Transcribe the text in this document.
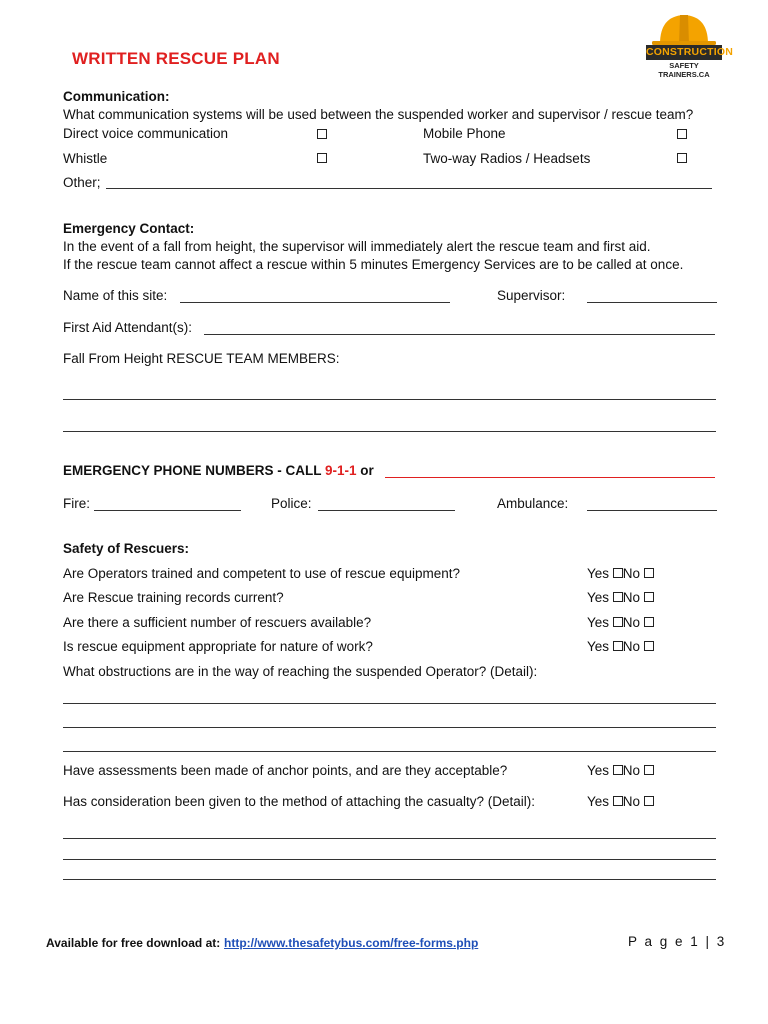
WRITTEN RESCUE PLAN	CONSTRUCTION
SAFETY TRAINERS.CA
Communication:
What communication systems will be used between the suspended worker and supervisor / rescue team?
Direct voice communication	Mobile Phone
Whistle	Two-way Radios / Headsets
Other;
Emergency Contact:
In the event of a fall from height, the supervisor will immediately alert the rescue team and first aid.
If the rescue team cannot affect a rescue within 5 minutes Emergency Services are to be called at once.
Name of this site:	Supervisor:
First Aid Attendant(s):
Fall From Height RESCUE TEAM MEMBERS:
EMERGENCY PHONE NUMBERS - CALL 9-1-1 or
Fire:	Police:	Ambulance:
Safety of Rescuers:
Are Operators trained and competent to use of rescue equipment?	Yes No
Are Rescue training records current?	Yes No
Are there a sufficient number of rescuers available?	Yes No
Is rescue equipment appropriate for nature of work?	Yes No
What obstructions are in the way of reaching the suspended Operator? (Detail):
Have assessments been made of anchor points, and are they acceptable?	Yes No
Has consideration been given to the method of attaching the casualty? (Detail):	Yes No
Available for free download at: http://www.thesafetybus.com/free-forms.php	P a g e 1 | 3
